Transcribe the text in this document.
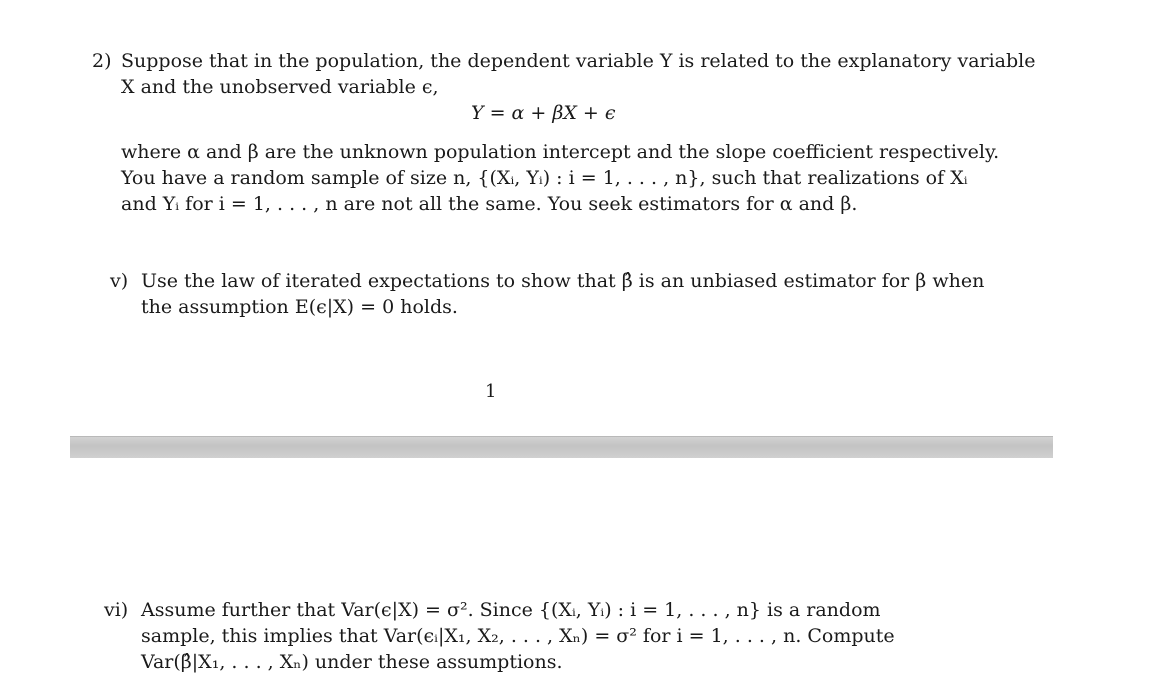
2) Suppose that in the population, the dependent variable Y is related to the explanatory variable
X and the unobserved variable ϵ,
Y = α + βX + ϵ
where α and β are the unknown population intercept and the slope coefficient respectively.
You have a random sample of size n, {(Xᵢ, Yᵢ) : i = 1, . . . , n}, such that realizations of Xᵢ
and Yᵢ for i = 1, . . . , n are not all the same. You seek estimators for α and β.
v) Use the law of iterated expectations to show that β̂ is an unbiased estimator for β when
the assumption E(ϵ|X) = 0 holds.
1
vi) Assume further that Var(ϵ|X) = σ². Since {(Xᵢ, Yᵢ) : i = 1, . . . , n} is a random
sample, this implies that Var(ϵᵢ|X₁, X₂, . . . , Xₙ) = σ² for i = 1, . . . , n. Compute
Var(β̂|X₁, . . . , Xₙ) under these assumptions.
